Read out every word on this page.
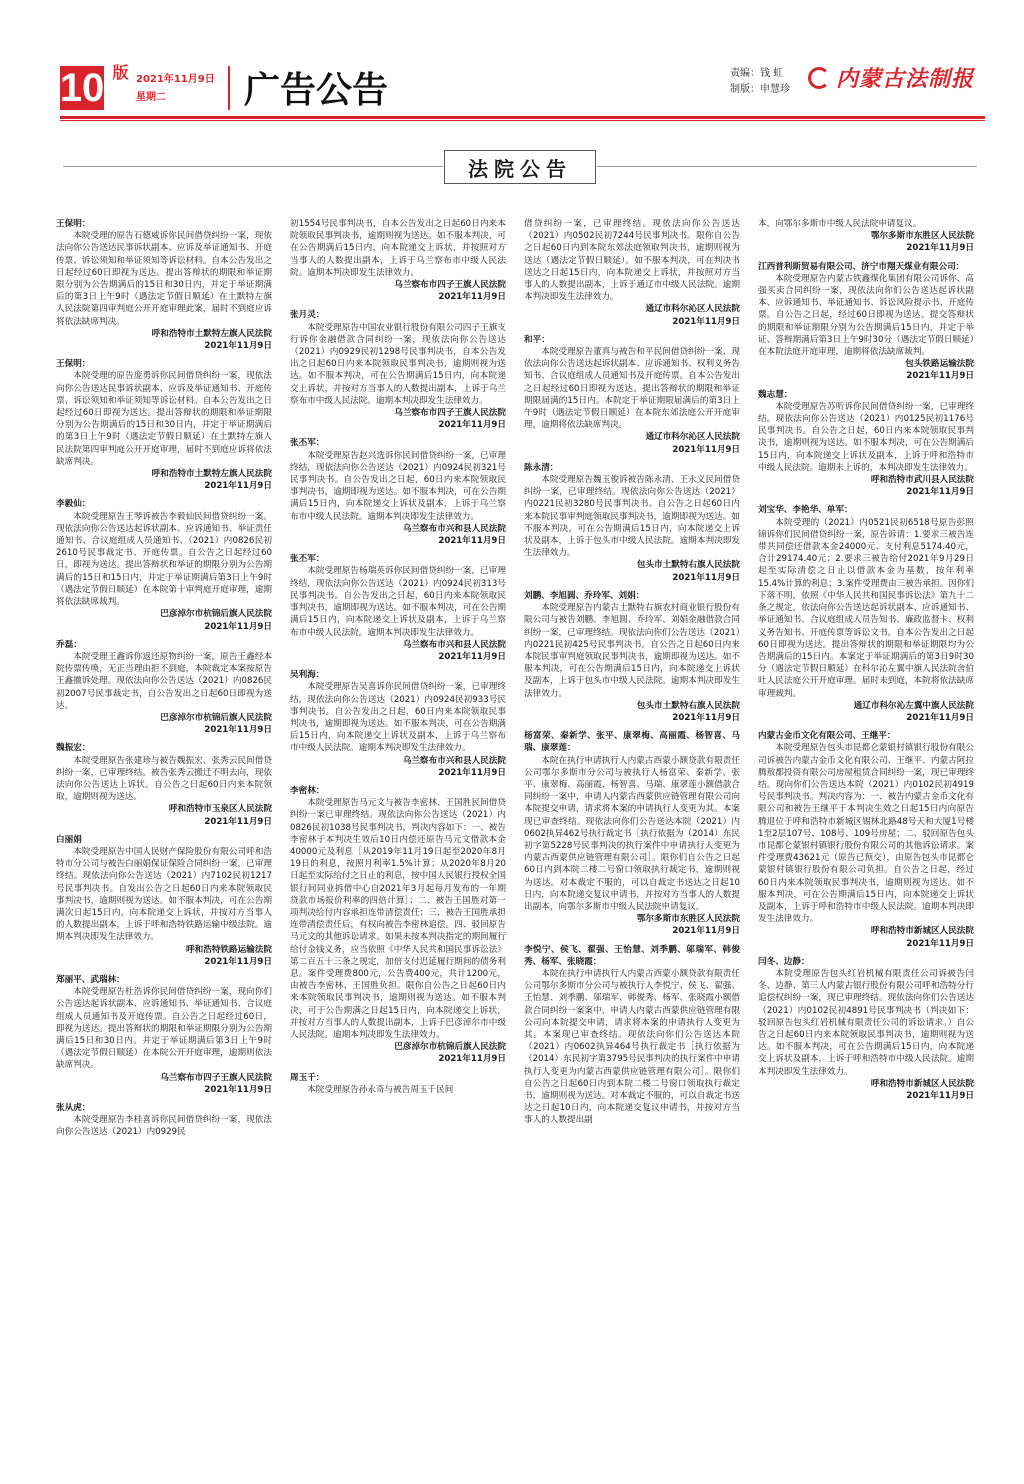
10 版 2021年11月9日
星期二 广告公告	责编：钱 虹
制版：申慧珍 内蒙古法制报
法院公告
王保明：

本院受理的原告石德威诉你民间借贷纠纷一案，现依法向你公告送达民事诉状副本、应诉及举证通知书、开庭传票、诉讼须知和举证须知等诉讼材料。自本公告发出之日起经过60日即视为送达。提出答辩状的期限和举证期限分别为公告期满后的15日和30日内，并定于举证期满后的第3日上午9时（遇法定节假日顺延）在土默特左旗人民法院第四审判庭公开开庭审理此案，届时不到庭应诉将依法缺席判决。

呼和浩特市土默特左旗人民法院
2021年11月9日
王保明：

本院受理的原告庞勇诉你民间借贷纠纷一案，现依法向你公告送达民事诉状副本、应诉及举证通知书、开庭传票、诉讼须知和举证须知等诉讼材料。自本公告发出之日起经过60日即视为送达。提出答辩状的期限和举证期限分别为公告期满后的15日和30日内，并定于举证期满后的第3日上午9时（遇法定节假日顺延）在土默特左旗人民法院第四审判庭公开开庭审理，届时不到庭应诉将依法缺席判决。

呼和浩特市土默特左旗人民法院
2021年11月9日
李毅仙：

本院受理原告王琴诉被告李毅仙民间借贷纠纷一案。现依法向你公告送达起诉状副本、应诉通知书、举证责任通知书、合议庭组成人员通知书、（2021）内0826民初2610号民事裁定书、开庭传票。自公告之日起经过60日，即视为送达。提出答辩状和举证的期限分别为公告期满后的15日和15日内，并定于举证期满后第3日上午9时（遇法定节假日顺延）在本院第十审判庭开庭审理，逾期将依法缺席裁判。

巴彦淖尔市杭锦后旗人民法院
2021年11月9日
乔磊：

本院受理王鑫诉你返还原物纠纷一案，原告王鑫经本院传票传唤，无正当理由拒不到庭，本院裁定本案按原告王鑫撤诉处理。现依法向你公告送达（2021）内0826民初2007号民事裁定书，自公告发出之日起60日即视为送达。

巴彦淖尔市杭锦后旗人民法院
2021年11月9日
魏振宏：

本院受理原告张建珍与被告魏振宏、张秀云民间借贷纠纷一案，已审理终结。被告张秀云搬迁不明去向，现依法向你公告送达上诉状。自公告之日起60日内来本院领取，逾期则视为送达。

呼和浩特市玉泉区人民法院
2021年11月9日
白丽娟

本院受理原告中国人民财产保险股份有限公司呼和浩特市分公司与被告白丽娟保证保险合同纠纷一案，已审理终结。现依法向你公告送达（2021）内7102民初1217号民事判决书。自发出公告之日起60日内来本院领取民事判决书，逾期则视为送达。如不服本判决，可在公告期满次日起15日内，向本院递交上诉状，并按对方当事人的人数提出副本，上诉于呼和浩特铁路运输中级法院。逾期本判决即发生法律效力。

呼和浩特铁路运输法院
2021年11月9日
郑丽平、武瑞林：

本院受理原告杜浩诉你民间借贷纠纷一案，现向你们公告送达起诉状副本、应诉通知书、举证通知书、合议庭组成人员通知书及开庭传票。自公告之日起经过60日，即视为送达。提出答辩状的期限和举证期限分别为公告期满后15日和30日内。并定于举证期满后第3日上午9时（遇法定节假日顺延）在本院公开开庭审理，逾期则依法缺席判决。

乌兰察布市四子王旗人民法院
2021年11月9日
张从虎：

本院受理原告李桂喜诉你民间借贷纠纷一案，现依法向你公告送达（2021）内0929民

初1554号民事判决书，自本公告发出之日起60日内来本院领取民事判决书，逾期则视为送达。如不服本判决，可在公告期满后15日内，向本院递交上诉状，并按照对方当事人的人数提出副本，上诉于乌兰察布市中级人民法院。逾期本判决即发生法律效力。

乌兰察布市四子王旗人民法院
2021年11月9日
张月灵：

本院受理原告中国农业银行股份有限公司四子王旗支行诉你金融借款合同纠纷一案，现依法向你公告送达（2021）内0929民初1298号民事判决书，自本公告发出之日起60日内来本院领取民事判决书，逾期则视为送达。如不服本判决，可在公告期满后15日内，向本院递交上诉状，并按对方当事人的人数提出副本，上诉于乌兰察布市中级人民法院。逾期本判决即发生法律效力。

乌兰察布市四子王旗人民法院
2021年11月9日
张丕军：

本院受理原告赵兴选诉你民间借贷纠纷一案，已审理终结，现依法向你公告送达（2021）内0924民初321号民事判决书。自公告发出之日起，60日内来本院领取民事判决书，逾期即视为送达。如不服本判决，可在公告期满后15日内，向本院递交上诉状及副本，上诉于乌兰察布市中级人民法院。逾期本判决即发生法律效力。

乌兰察布市兴和县人民法院
2021年11月9日
张丕军：

本院受理原告杨瑞英诉你民间借贷纠纷一案，已审理终结，现依法向你公告送达（2021）内0924民初313号民事判决书。自公告发出之日起，60日内来本院领取民事判决书，逾期即视为送达。如不服本判决，可在公告期满后15日内，向本院递交上诉状及副本，上诉于乌兰察布市中级人民法院。逾期本判决即发生法律效力。

乌兰察布市兴和县人民法院
2021年11月9日
吴利海：

本院受理原告吴喜诉你民间借贷纠纷一案，已审理终结，现依法向你公告送达（2021）内0924民初933号民事判决书。自公告发出之日起，60日内来本院领取民事判决书，逾期即视为送达。如不服本判决，可在公告期满后15日内，向本院递交上诉状及副本，上诉于乌兰察布市中级人民法院。逾期本判决即发生法律效力。

乌兰察布市兴和县人民法院
2021年11月9日
李密林：

本院受理原告马元文与被告李密林、王国胜民间借贷纠纷一案已审理终结。现依法向你公告送达（2021）内0826民初1038号民事判决书，判决内容如下：一、被告李密林于本判决生效后10日内偿还原告马元文借款本金40000元及利息［从2019年11月19日起至2020年8月19日的利息，按照月利率1.5%计算；从2020年8月20日起至实际给付之日止的利息，按中国人民银行授权全国银行间同业拆借中心自2021年3月起每月发布的一年期贷款市场报价利率的四倍计算］；二、被告王国胜对第一项判决给付内容承担连带清偿责任；三、被告王国胜承担连带清偿责任后，有权向被告李密林追偿。四、驳回原告马元文的其他诉讼请求。如果未按本判决指定的期间履行给付金钱义务，应当依照《中华人民共和国民事诉讼法》第二百五十三条之规定，加倍支付迟延履行期间的债务利息。案件受理费800元，公告费400元，共计1200元，由被告李密林、王国胜负担。限你自公告之日起60日内来本院领取民事判决书，逾期则视为送达。如不服本判决，可于公告期满之日起15日内，向本院递交上诉状，并按对方当事人的人数提出副本，上诉于巴彦淖尔市中级人民法院。逾期本判决即发生法律效力。

巴彦淖尔市杭锦后旗人民法院
2021年11月9日
周玉千：

本院受理原告孙永奇与被告周玉千民间

借贷纠纷一案，已审理终结。现依法向你公告送达（2021）内0502民初7244号民事判决书。限你自公告之日起60日内到本院东郊法庭领取判决书，逾期则视为送达（遇法定节假日顺延）。如不服本判决，可在判决书送达之日起15日内，向本院递交上诉状，并按照对方当事人的人数提出副本，上诉于通辽市中级人民法院。逾期本判决即发生法律效力。

通辽市科尔沁区人民法院
2021年11月9日
和平：

本院受理原告董真与被告和平民间借贷纠纷一案，现依法向你公告送达起诉状副本、应诉通知书、权利义务告知书、合议庭组成人员通知书及开庭传票。自本公告发出之日起经过60日即视为送达。提出答辩状的期限和举证期限届满的15日内。本院定于举证期限届满后的第3日上午9时（遇法定节假日顺延）在本院东郊法庭公开开庭审理，逾期将依法缺席判决。

通辽市科尔沁区人民法院
2021年11月9日
陈永清：

本院受理原告魏玉俊诉被告陈永清、王永义民间借贷纠纷一案，已审理终结。现依法向你公告送达（2021）内0221民初3280号民事判决书。自公告之日起60日内来本院民事审判庭领取民事判决书，逾期即视为送达。如不服本判决，可在公告期满后15日内，向本院递交上诉状及副本，上诉于包头市中级人民法院。逾期本判决即发生法律效力。

包头市土默特右旗人民法院
2021年11月9日
刘鹏、李旭圆、乔玲军、刘娟：

本院受理原告内蒙古土默特右旗农村商业银行股份有限公司与被告刘鹏、李旭圆、乔玲军、刘娟金融借款合同纠纷一案，已审理终结。现依法向你们公告送达（2021）内0221民初425号民事判决书。自公告之日起60日内来本院民事审判庭领取民事判决书，逾期即视为送达。如不服本判决，可在公告期满后15日内，向本院递交上诉状及副本，上诉于包头市中级人民法院。逾期本判决即发生法律效力。

包头市土默特右旗人民法院
2021年11月9日
杨富荣、秦新学、张平、康翠梅、高丽霞、杨智喜、马瑞、康翠莲：

本院在执行申请执行人内蒙古西蒙小额贷款有限责任公司鄂尔多斯市分公司与被执行人杨富荣、秦新学、张平、康翠梅、高丽霞、杨智喜、马瑞、康翠莲小额借款合同纠纷一案中，申请人内蒙古西蒙供应链管理有限公司向本院提交申请，请求将本案的申请执行人变更为其。本案现已审查终结。现依法向你们公告送达本院（2021）内0602执异462号执行裁定书［执行依据为（2014）东民初字第5228号民事判决的执行案件中申请执行人变更为内蒙古西蒙供应链管理有限公司］。限你们自公告之日起60日内到本院二楼二号窗口领取执行裁定书，逾期则视为送达。对本裁定不服的，可以自裁定书送达之日起10日内，向本院递交复议申请书，并按对方当事人的人数提出副本，向鄂尔多斯市中级人民法院申请复议。

鄂尔多斯市东胜区人民法院
2021年11月9日
李悦宁、侯飞、翟强、王怡慧、刘季鹏、邬瑞军、韩俊秀、杨军、张晓霞：

本院在执行申请执行人内蒙古西蒙小额贷款有限责任公司鄂尔多斯市分公司与被执行人李悦宁、侯飞、翟强、王怡慧、刘季鹏、邬瑞军、韩俊秀、杨军、张晓霞小额借款合同纠纷一案案中，申请人内蒙古西蒙供应链管理有限公司向本院提交申请，请求将本案的申请执行人变更为其。本案现已审查终结。现依法向你们公告送达本院（2021）内0602执异464号执行裁定书［执行依据为（2014）东民初字第3795号民事判决的执行案件中申请执行人变更为内蒙古西蒙供应链管理有限公司］。限你们自公告之日起60日内到本院二楼二号窗口领取执行裁定书，逾期则视为送达。对本裁定不服的，可以自裁定书送达之日起10日内，向本院递交复议申请书，并按对方当事人的人数提出副

本，向鄂尔多斯市中级人民法院申请复议。

鄂尔多斯市东胜区人民法院
2021年11月9日
江西普利斯贸易有限公司、济宁市翔天煤业有限公司：

本院受理原告内蒙古铁鑫煤化集团有限公司诉你、高强买卖合同纠纷一案，现依法向你们公告送达起诉状副本、应诉通知书、举证通知书、诉讼风险提示书、开庭传票。自公告之日起，经过60日即视为送达。提交答辩状的期限和举证期限分别为公告期满后15日内，并定于举证、答辩期满后第3日上午9时30分（遇法定节假日顺延）在本院法庭开庭审理，逾期将依法缺席裁判。

包头铁路运输法院
2021年11月9日
魏志慧：

本院受理原告苏听诉你民间借贷纠纷一案，已审理终结。现依法向你公告送达（2021）内0125民初1176号民事判决书。自公告之日起，60日内来本院领取民事判决书，逾期则视为送达。如不服本判决，可在公告期满后15日内，向本院递交上诉状及副本，上诉于呼和浩特市中级人民法院。逾期未上诉的，本判决即发生法律效力。

呼和浩特市武川县人民法院
2021年11月9日
刘宝华、李艳华、单军：

本院受理的（2021）内0521民初6518号原告彭照锦诉你们民间借贷纠纷一案，原告诉请：1.要求三被告连带共同偿还借款本金24000元、支付利息5174.40元，合计29174.40元；2.要求三被告给付2021年9月29日起至实际清偿之日止以借款本金为基数，按年利率15.4%计算的利息；3.案件受理费由三被告承担。因你们下落不明，依照《中华人民共和国民事诉讼法》第九十二条之规定，依法向你公告送达起诉状副本、应诉通知书、举证通知书、合议庭组成人员告知书、廉政监督卡、权利义务告知书、开庭传票等诉讼文书。自本公告发出之日起60日即视为送达。提出答辩状的期限和举证期限均为公告期满后的15日内。本案定于举证期满后的第3日9时30分（遇法定节假日顺延）在科尔沁左翼中旗人民法院舍伯吐人民法庭公开开庭审理。届时未到庭，本院将依法缺席审理裁判。

通辽市科尔沁左翼中旗人民法院
2021年11月9日
内蒙古金币文化有限公司、王继平：

本院受理原告包头市昆都仑蒙银村镇银行股份有限公司诉被告内蒙古金币文化有限公司、王继平、内蒙古阿拉腾敖都投资有限公司房屋租赁合同纠纷一案，现已审理终结。现向你们公告送达本院（2021）内0102民初4919号民事判决书。判决内容为：一、被告内蒙古金币文化有限公司和被告王继平于本判决生效之日起15日内向原告腾退位于呼和浩特市新城区锡林北路48号天和大厦1号楼1至2层107号、108号、109号房屋；二、驳回原告包头市昆都仑蒙银村镇银行股份有限公司的其他诉讼请求。案件受理费43621元（原告已预交），由原告包头市昆都仑蒙银村镇银行股份有限公司负担。自公告之日起，经过60日内来本院领取民事判决书，逾期则视为送达。如不服本判决，可在公告期满后15日内，向本院递交上诉状及副本，上诉于呼和浩特市中级人民法院。逾期本判决即发生法律效力。

呼和浩特市新城区人民法院
2021年11月9日
闫冬、边静：

本院受理原告包头红岩机械有限责任公司诉被告闫冬、边静、第三人内蒙古银行股份有限公司呼和浩特分行追偿权纠纷一案，现已审理终结。现依法向你们公告送达（2021）内0102民初4891号民事判决书（判决如下：驳回原告包头红岩机械有限责任公司的诉讼请求。）自公告之日起60日内来本院领取民事判决书，逾期则视为送达。如不服本判决，可在公告期满后15日内，向本院递交上诉状及副本，上诉于呼和浩特市中级人民法院。逾期本判决即发生法律效力。

呼和浩特市新城区人民法院
2021年11月9日
